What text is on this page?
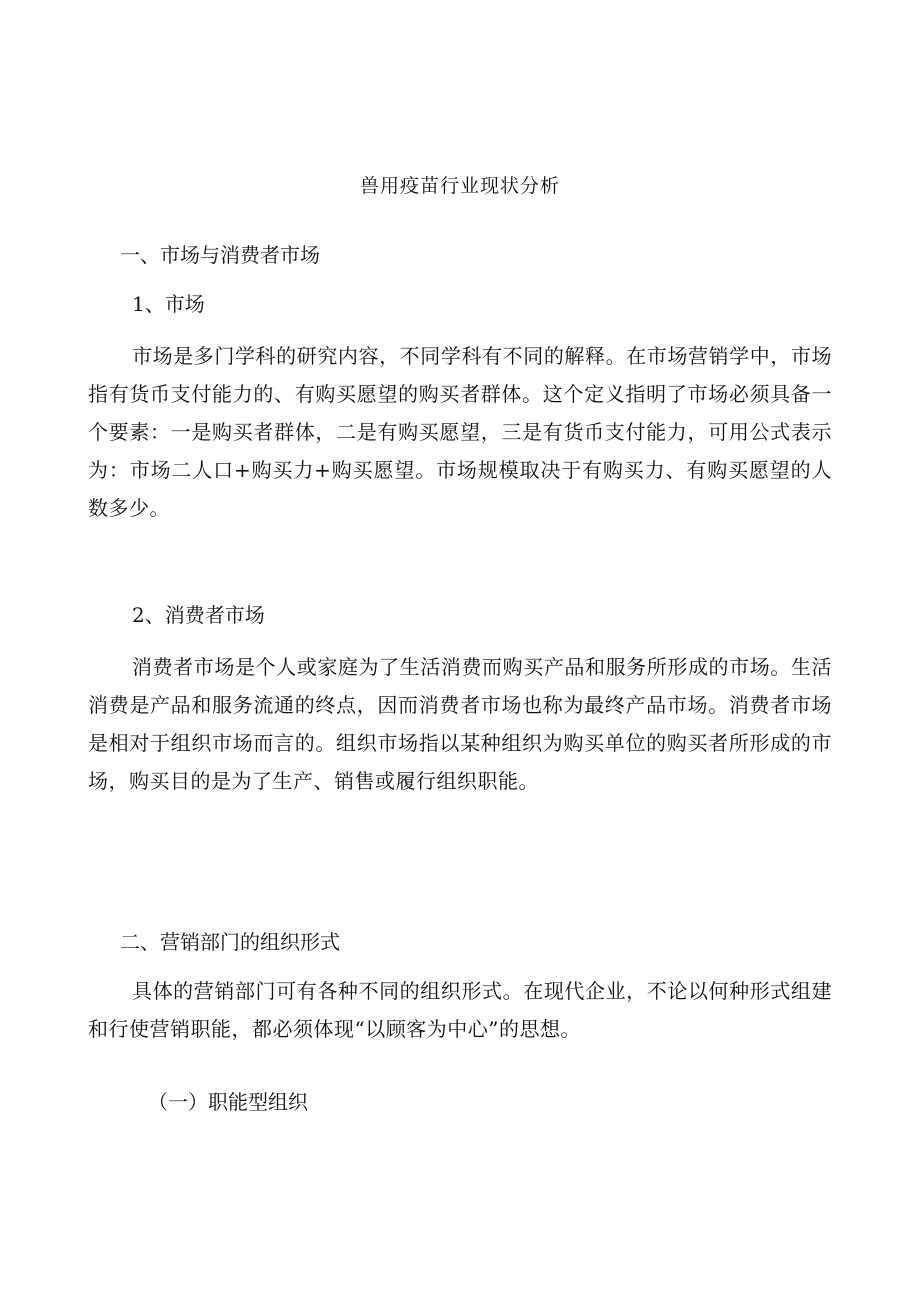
兽用疫苗行业现状分析
一、市场与消费者市场
1、市场
市场是多门学科的研究内容，不同学科有不同的解释。在市场营销学中，市场指有货币支付能力的、有购买愿望的购买者群体。这个定义指明了市场必须具备一个要素：一是购买者群体，二是有购买愿望，三是有货币支付能力，可用公式表示为：市场二人口+购买力+购买愿望。市场规模取决于有购买力、有购买愿望的人数多少。
2、消费者市场
消费者市场是个人或家庭为了生活消费而购买产品和服务所形成的市场。生活消费是产品和服务流通的终点，因而消费者市场也称为最终产品市场。消费者市场是相对于组织市场而言的。组织市场指以某种组织为购买单位的购买者所形成的市场，购买目的是为了生产、销售或履行组织职能。
二、营销部门的组织形式
具体的营销部门可有各种不同的组织形式。在现代企业，不论以何种形式组建和行使营销职能，都必须体现“以顾客为中心”的思想。
（一）职能型组织
